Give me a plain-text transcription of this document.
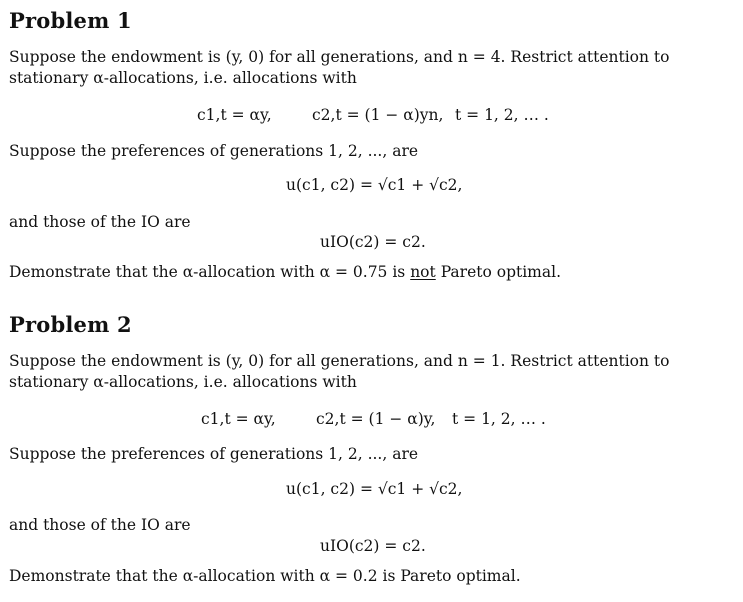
Problem 1
Suppose the endowment is (y, 0) for all generations, and n = 4. Restrict attention to stationary α-allocations, i.e. allocations with
c1,t = αy,	c2,t = (1 − α)yn, t = 1, 2, … .
Suppose the preferences of generations 1, 2, ..., are
u(c1, c2) = √c1 + √c2,
and those of the IO are
uIO(c2) = c2.
Demonstrate that the α-allocation with α = 0.75 is not Pareto optimal.
Problem 2
Suppose the endowment is (y, 0) for all generations, and n = 1. Restrict attention to stationary α-allocations, i.e. allocations with
c1,t = αy,	c2,t = (1 − α)y, t = 1, 2, … .
Suppose the preferences of generations 1, 2, ..., are
u(c1, c2) = √c1 + √c2,
and those of the IO are
uIO(c2) = c2.
Demonstrate that the α-allocation with α = 0.2 is Pareto optimal.
